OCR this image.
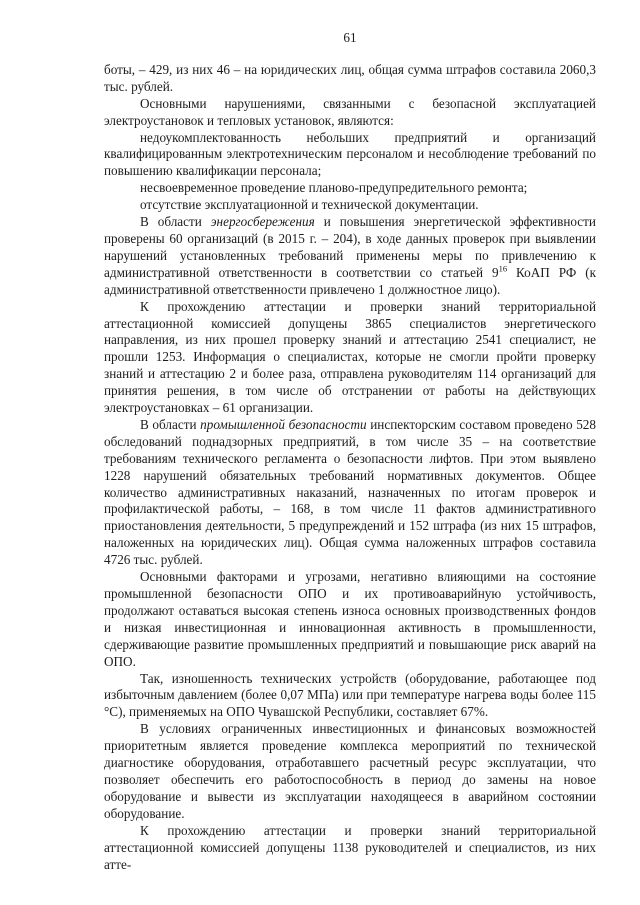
61

боты, – 429, из них 46 – на юридических лиц, общая сумма штрафов составила 2060,3 тыс. рублей.

Основными нарушениями, связанными с безопасной эксплуатацией электроустановок и тепловых установок, являются:

недоукомплектованность небольших предприятий и организаций квалифицированным электротехническим персоналом и несоблюдение требований по повышению квалификации персонала;

несвоевременное проведение планово-предупредительного ремонта;

отсутствие эксплуатационной и технической документации.

В области энергосбережения и повышения энергетической эффективности проверены 60 организаций (в 2015 г. – 204), в ходе данных проверок при выявлении нарушений установленных требований применены меры по привлечению к административной ответственности в соответствии со статьей $9^{16}$ КоАП РФ (к административной ответственности привлечено 1 должностное лицо).

К прохождению аттестации и проверки знаний территориальной аттестационной комиссией допущены 3865 специалистов энергетического направления, из них прошел проверку знаний и аттестацию 2541 специалист, не прошли 1253. Информация о специалистах, которые не смогли пройти проверку знаний и аттестацию 2 и более раза, отправлена руководителям 114 организаций для принятия решения, в том числе об отстранении от работы на действующих электроустановках – 61 организации.

В области промышленной безопасности инспекторским составом проведено 528 обследований поднадзорных предприятий, в том числе 35 – на соответствие требованиям технического регламента о безопасности лифтов. При этом выявлено 1228 нарушений обязательных требований нормативных документов. Общее количество административных наказаний, назначенных по итогам проверок и профилактической работы, – 168, в том числе 11 фактов административного приостановления деятельности, 5 предупреждений и 152 штрафа (из них 15 штрафов, наложенных на юридических лиц). Общая сумма наложенных штрафов составила 4726 тыс. рублей.

Основными факторами и угрозами, негативно влияющими на состояние промышленной безопасности ОПО и их противоаварийную устойчивость, продолжают оставаться высокая степень износа основных производственных фондов и низкая инвестиционная и инновационная активность в промышленности, сдерживающие развитие промышленных предприятий и повышающие риск аварий на ОПО.

Так, изношенность технических устройств (оборудование, работающее под избыточным давлением (более 0,07 МПа) или при температуре нагрева воды более 115 °С), применяемых на ОПО Чувашской Республики, составляет 67%.

В условиях ограниченных инвестиционных и финансовых возможностей приоритетным является проведение комплекса мероприятий по технической диагностике оборудования, отработавшего расчетный ресурс эксплуатации, что позволяет обеспечить его работоспособность в период до замены на новое оборудование и вывести из эксплуатации находящееся в аварийном состоянии оборудование.

К прохождению аттестации и проверки знаний территориальной аттестационной комиссией допущены 1138 руководителей и специалистов, из них атте-
